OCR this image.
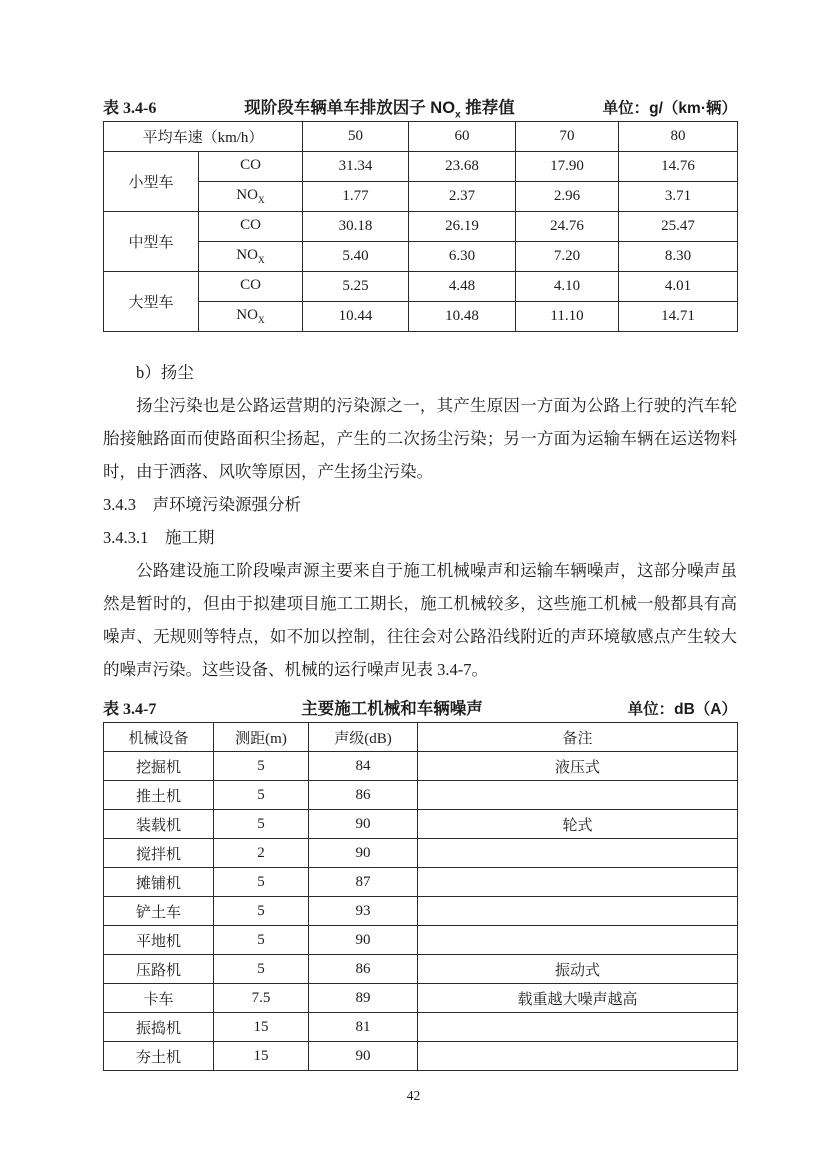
表 3.4-6	现阶段车辆单车排放因子 $NO_x$ 推荐值	单位：g/（km·辆）
平均车速（km/h）		50	60	70	80
小型车	CO	31.34	23.68	17.90	14.76
	$NO_X$	1.77	2.37	2.96	3.71
中型车	CO	30.18	26.19	24.76	25.47
	$NO_X$	5.40	6.30	7.20	8.30
大型车	CO	5.25	4.48	4.10	4.01
	$NO_X$	10.44	10.48	11.10	14.71
b）扬尘
扬尘污染也是公路运营期的污染源之一，其产生原因一方面为公路上行驶的汽车轮胎接触路面而使路面积尘扬起，产生的二次扬尘污染；另一方面为运输车辆在运送物料时，由于洒落、风吹等原因，产生扬尘污染。
3.4.3　声环境污染源强分析
3.4.3.1　施工期
公路建设施工阶段噪声源主要来自于施工机械噪声和运输车辆噪声，这部分噪声虽然是暂时的，但由于拟建项目施工工期长，施工机械较多，这些施工机械一般都具有高噪声、无规则等特点，如不加以控制，往往会对公路沿线附近的声环境敏感点产生较大的噪声污染。这些设备、机械的运行噪声见表 3.4-7。
表 3.4-7	主要施工机械和车辆噪声	单位：dB（A）
机械设备	测距(m)	声级(dB)	备注
挖掘机	5	84	液压式
推土机	5	86	
装载机	5	90	轮式
搅拌机	2	90	
摊铺机	5	87	
铲土车	5	93	
平地机	5	90	
压路机	5	86	振动式
卡车	7.5	89	载重越大噪声越高
振捣机	15	81	
夯土机	15	90	
42
